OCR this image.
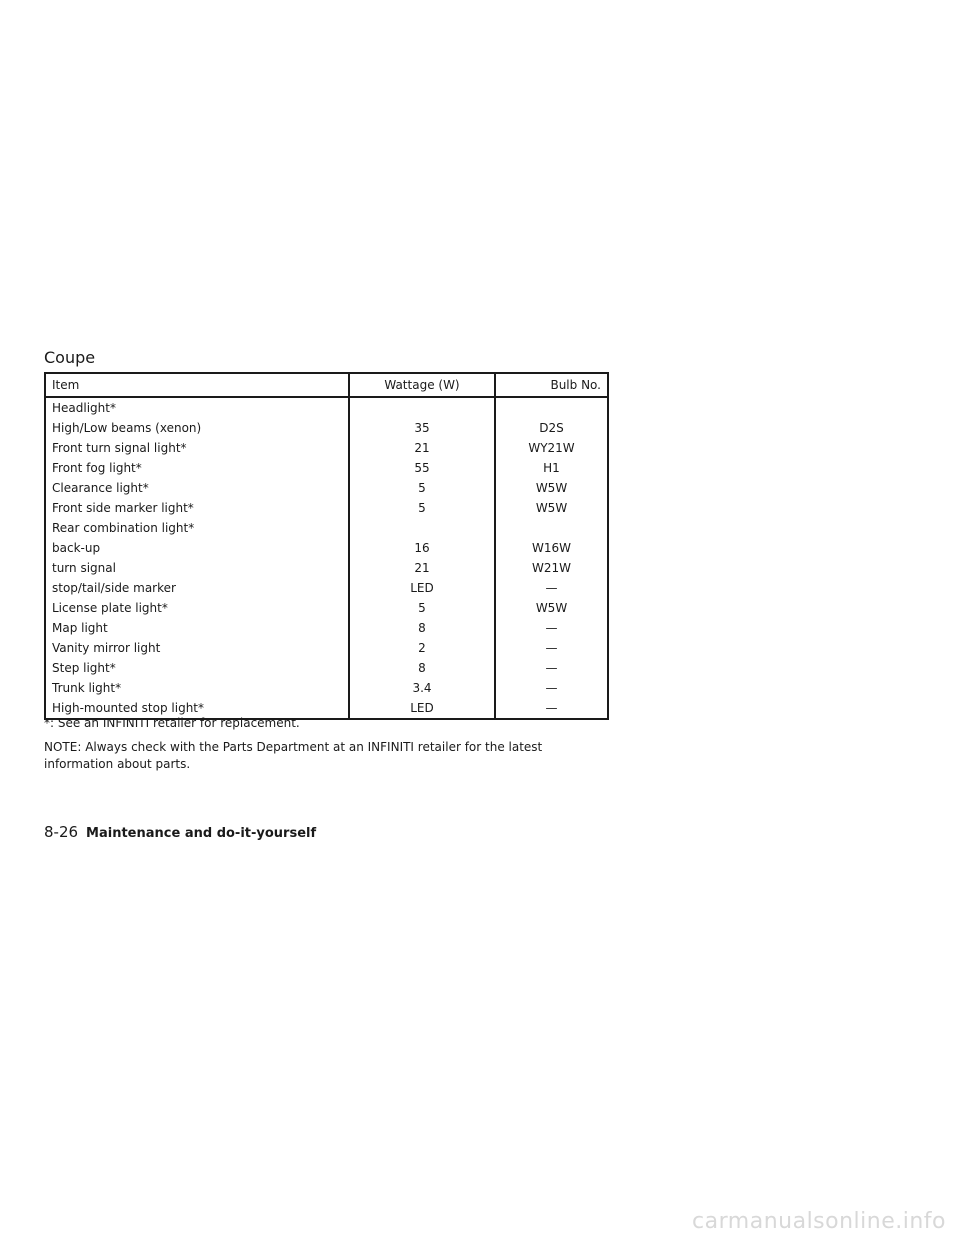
Coupe
Item	Wattage (W)	Bulb No.
Headlight*		
High/Low beams (xenon)	35	D2S
Front turn signal light*	21	WY21W
Front fog light*	55	H1
Clearance light*	5	W5W
Front side marker light*	5	W5W
Rear combination light*		
back-up	16	W16W
turn signal	21	W21W
stop/tail/side marker	LED	—
License plate light*	5	W5W
Map light	8	—
Vanity mirror light	2	—
Step light*	8	—
Trunk light*	3.4	—
High-mounted stop light*	LED	—

*: See an INFINITI retailer for replacement.

NOTE: Always check with the Parts Department at an INFINITI retailer for the latest information about parts.

8-26 Maintenance and do-it-yourself
carmanualsonline.info
